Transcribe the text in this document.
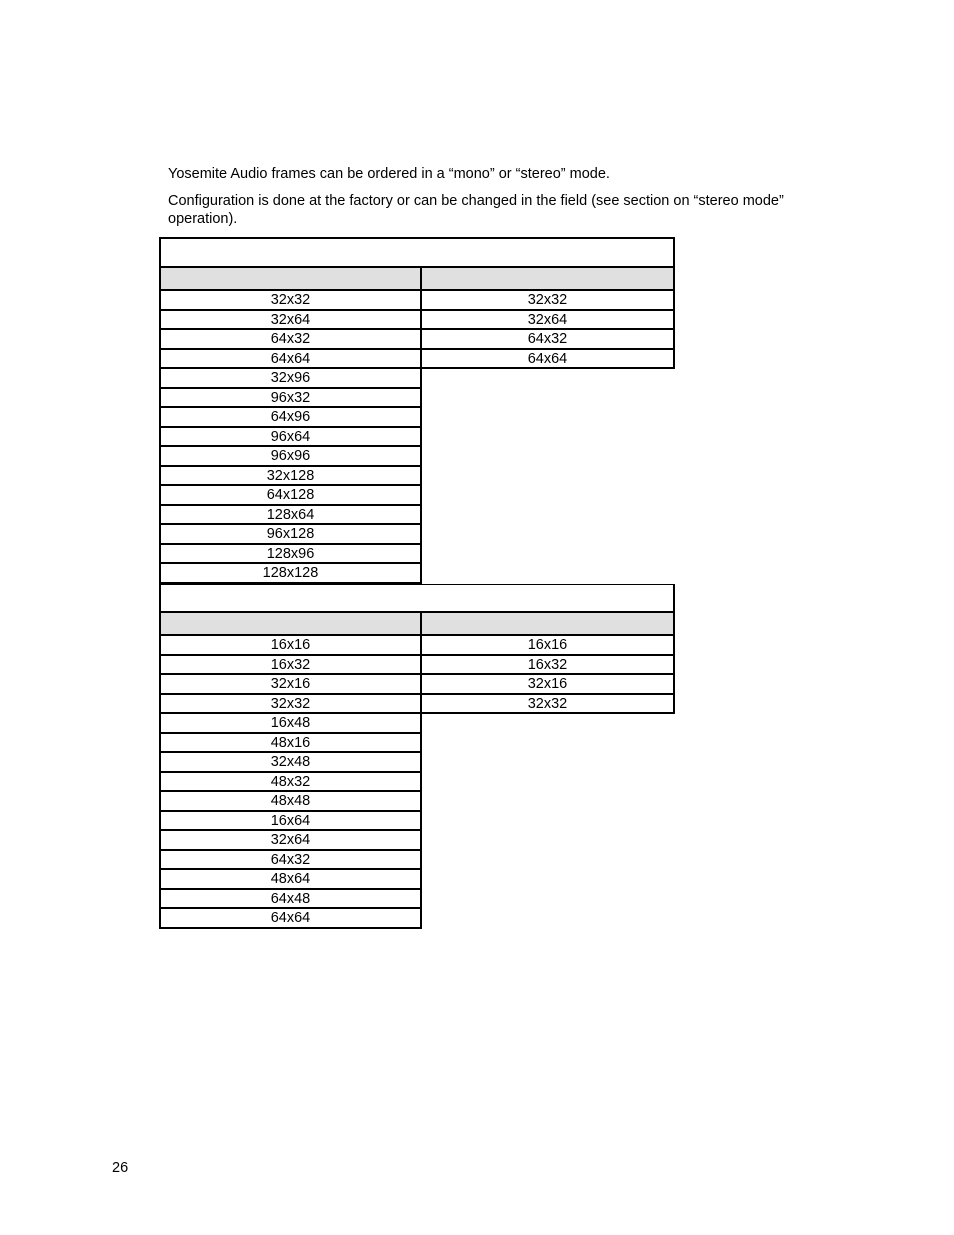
Yosemite Audio frames can be ordered in a “mono” or “stereo” mode.

Configuration is done at the factory or can be changed in the field (see section on “stereo mode” operation).

32x32	32x32
32x64	32x64
64x32	64x32
64x64	64x64
32x96
96x32
64x96
96x64
96x96
32x128
64x128
128x64
96x128
128x96
128x128
16x16	16x16
16x32	16x32
32x16	32x16
32x32	32x32
16x48
48x16
32x48
48x32
48x48
16x64
32x64
64x32
48x64
64x48
64x64
26
